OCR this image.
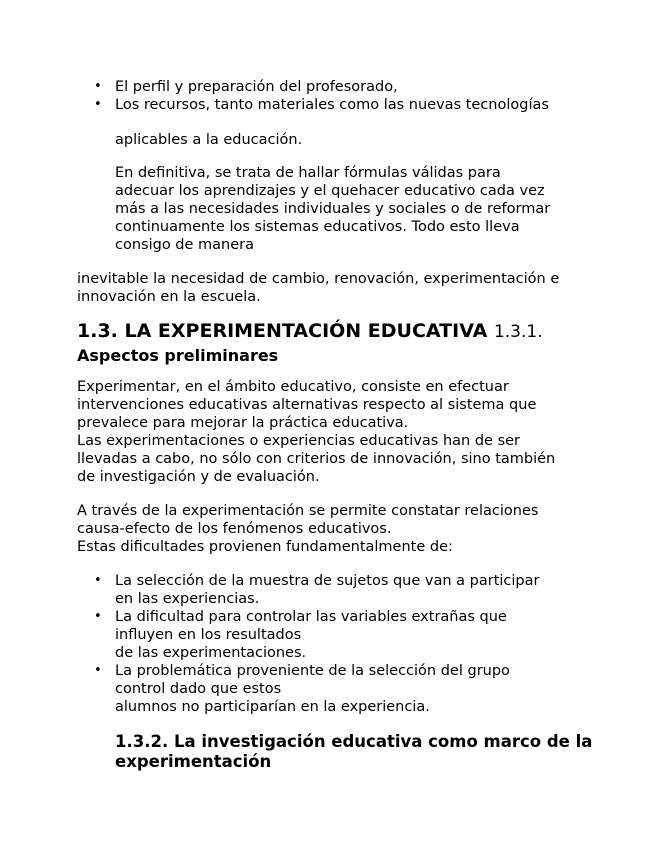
• El perfil y preparación del profesorado,
• Los recursos, tanto materiales como las nuevas tecnologías

aplicables a la educación.

En definitiva, se trata de hallar fórmulas válidas para
adecuar los aprendizajes y el quehacer educativo cada vez
más a las necesidades individuales y sociales o de reformar
continuamente los sistemas educativos. Todo esto lleva
consigo de manera

inevitable la necesidad de cambio, renovación, experimentación e
innovación en la escuela.

1.3. LA EXPERIMENTACIÓN EDUCATIVA 1.3.1.
Aspectos preliminares

Experimentar, en el ámbito educativo, consiste en efectuar
intervenciones educativas alternativas respecto al sistema que
prevalece para mejorar la práctica educativa.
Las experimentaciones o experiencias educativas han de ser
llevadas a cabo, no sólo con criterios de innovación, sino también
de investigación y de evaluación.

A través de la experimentación se permite constatar relaciones
causa-efecto de los fenómenos educativos.
Estas dificultades provienen fundamentalmente de:

• La selección de la muestra de sujetos que van a participar
en las experiencias.
• La dificultad para controlar las variables extrañas que
influyen en los resultados
de las experimentaciones.
• La problemática proveniente de la selección del grupo
control dado que estos
alumnos no participarían en la experiencia.
1.3.2. La investigación educativa como marco de la
experimentación
